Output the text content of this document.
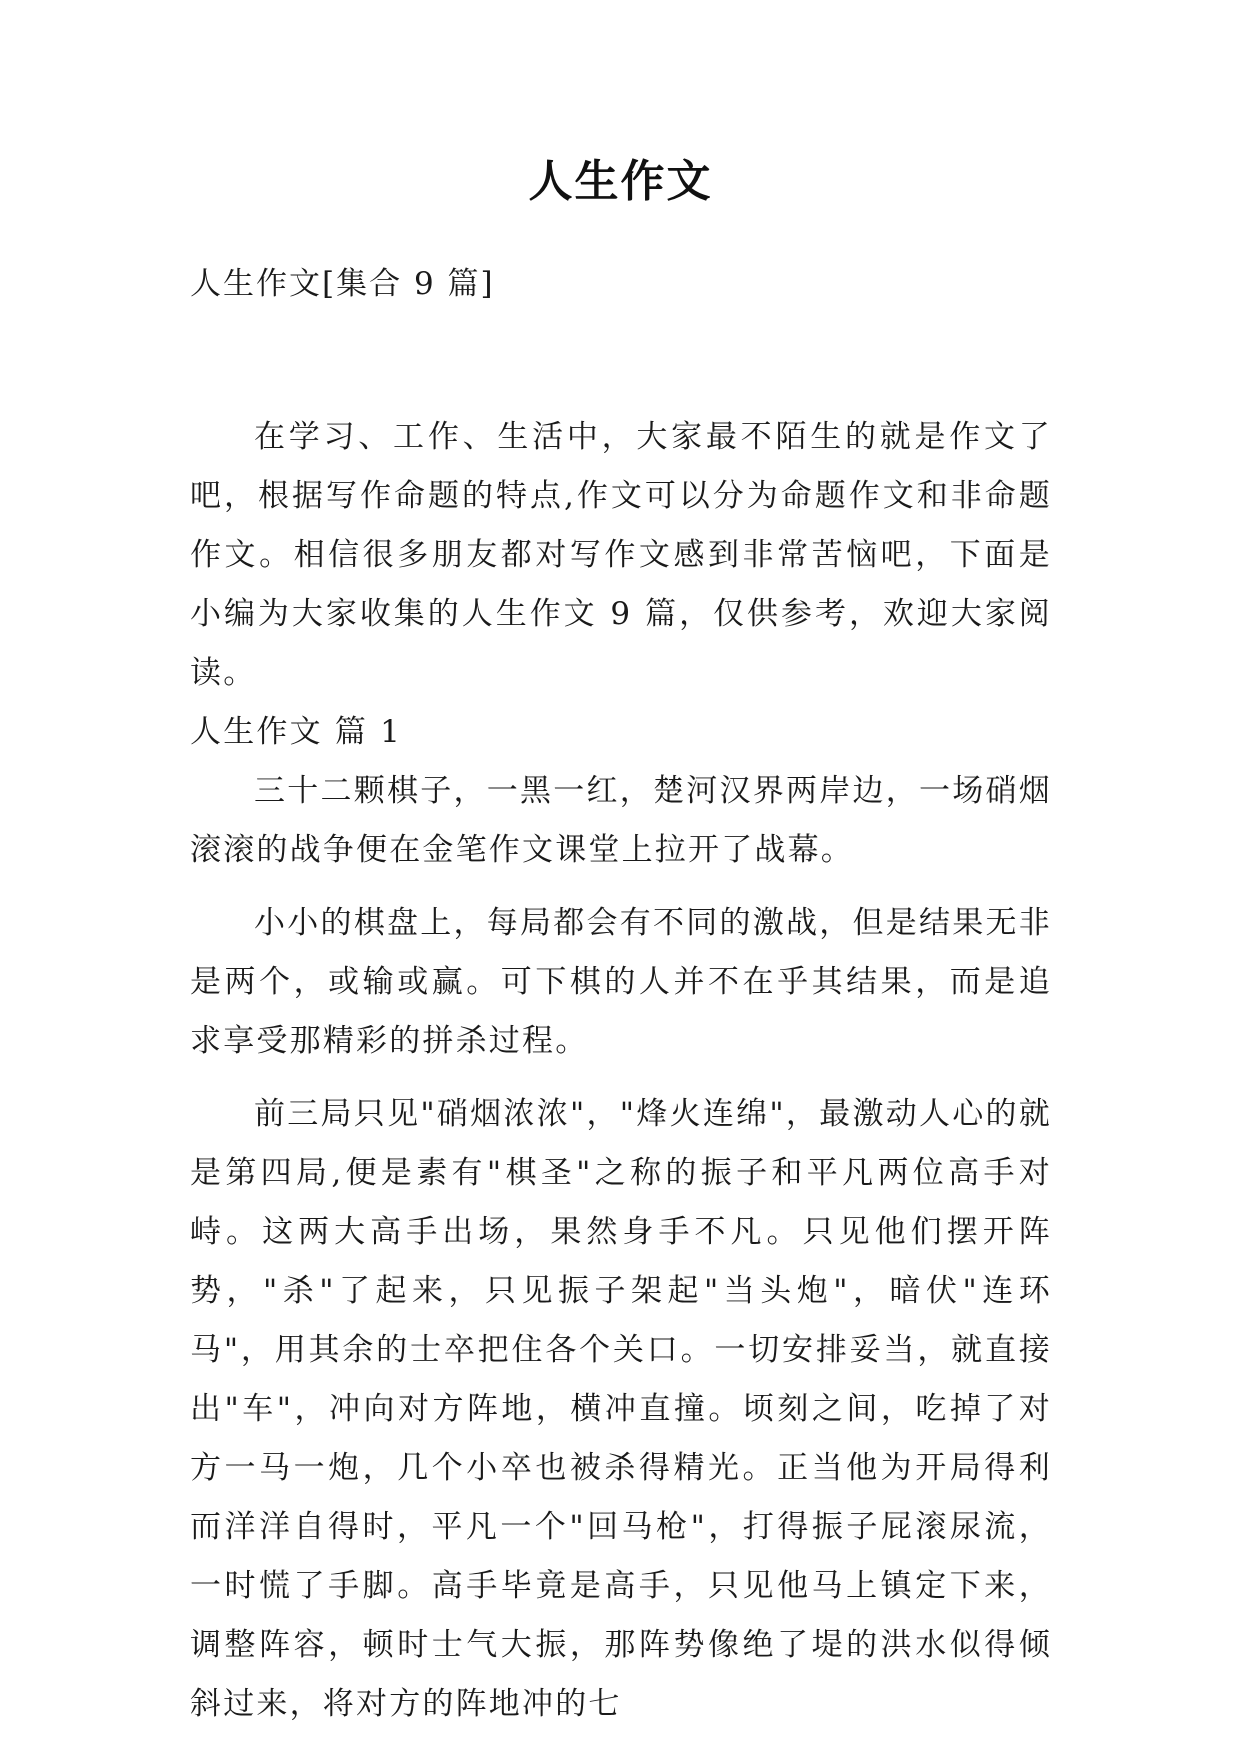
人生作文
人生作文[集合 9 篇]

在学习、工作、生活中，大家最不陌生的就是作文了吧，根据写作命题的特点,作文可以分为命题作文和非命题作文。相信很多朋友都对写作文感到非常苦恼吧，下面是小编为大家收集的人生作文 9 篇，仅供参考，欢迎大家阅读。

人生作文 篇 1

三十二颗棋子，一黑一红，楚河汉界两岸边，一场硝烟滚滚的战争便在金笔作文课堂上拉开了战幕。

小小的棋盘上，每局都会有不同的激战，但是结果无非是两个，或输或赢。可下棋的人并不在乎其结果，而是追求享受那精彩的拼杀过程。

前三局只见"硝烟浓浓"，"烽火连绵"，最激动人心的就是第四局,便是素有"棋圣"之称的振子和平凡两位高手对峙。这两大高手出场，果然身手不凡。只见他们摆开阵势，"杀"了起来，只见振子架起"当头炮"，暗伏"连环马"，用其余的士卒把住各个关口。一切安排妥当，就直接出"车"，冲向对方阵地，横冲直撞。顷刻之间，吃掉了对方一马一炮，几个小卒也被杀得精光。正当他为开局得利而洋洋自得时，平凡一个"回马枪"，打得振子屁滚尿流，一时慌了手脚。高手毕竟是高手，只见他马上镇定下来，调整阵容，顿时士气大振，那阵势像绝了堤的洪水似得倾斜过来，将对方的阵地冲的七
